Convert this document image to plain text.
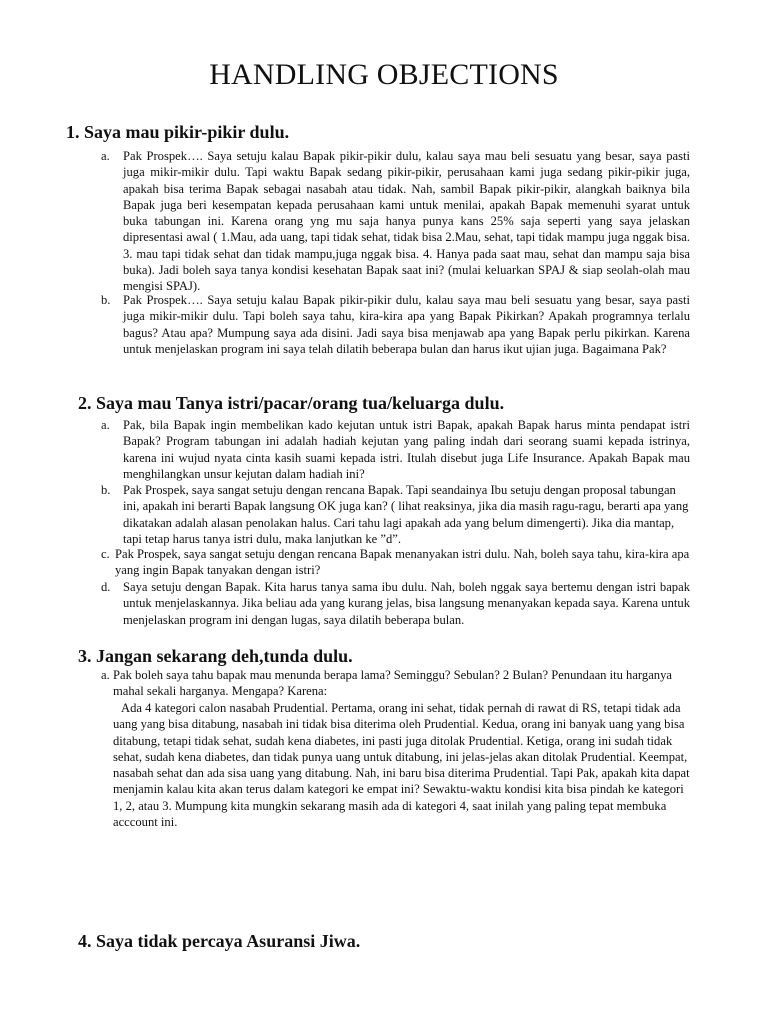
HANDLING OBJECTIONS
1. Saya mau pikir-pikir dulu.
a. Pak Prospek…. Saya setuju kalau Bapak pikir-pikir dulu, kalau saya mau beli sesuatu yang besar, saya pasti juga mikir-mikir dulu. Tapi waktu Bapak sedang pikir-pikir, perusahaan kami juga sedang pikir-pikir juga, apakah bisa terima Bapak sebagai nasabah atau tidak. Nah, sambil Bapak pikir-pikir, alangkah baiknya bila Bapak juga beri kesempatan kepada perusahaan kami untuk menilai, apakah Bapak memenuhi syarat untuk buka tabungan ini. Karena orang yng mu saja hanya punya kans 25% saja seperti yang saya jelaskan dipresentasi awal ( 1.Mau, ada uang, tapi tidak sehat, tidak bisa 2.Mau, sehat, tapi tidak mampu juga nggak bisa. 3. mau tapi tidak sehat dan tidak mampu,juga nggak bisa. 4. Hanya pada saat mau, sehat dan mampu saja bisa buka). Jadi boleh saya tanya kondisi kesehatan Bapak saat ini? (mulai keluarkan SPAJ & siap seolah-olah mau mengisi SPAJ).
b. Pak Prospek…. Saya setuju kalau Bapak pikir-pikir dulu, kalau saya mau beli sesuatu yang besar, saya pasti juga mikir-mikir dulu. Tapi boleh saya tahu, kira-kira apa yang Bapak Pikirkan? Apakah programnya terlalu bagus? Atau apa? Mumpung saya ada disini. Jadi saya bisa menjawab apa yang Bapak perlu pikirkan. Karena untuk menjelaskan program ini saya telah dilatih beberapa bulan dan harus ikut ujian juga. Bagaimana Pak?
2. Saya mau Tanya istri/pacar/orang tua/keluarga dulu.
a. Pak, bila Bapak ingin membelikan kado kejutan untuk istri Bapak, apakah Bapak harus minta pendapat istri Bapak? Program tabungan ini adalah hadiah kejutan yang paling indah dari seorang suami kepada istrinya, karena ini wujud nyata cinta kasih suami kepada istri. Itulah disebut juga Life Insurance. Apakah Bapak mau menghilangkan unsur kejutan dalam hadiah ini?
b. Pak Prospek, saya sangat setuju dengan rencana Bapak. Tapi seandainya Ibu setuju dengan proposal tabungan ini, apakah ini berarti Bapak langsung OK juga kan? ( lihat reaksinya, jika dia masih ragu-ragu, berarti apa yang dikatakan adalah alasan penolakan halus. Cari tahu lagi apakah ada yang belum dimengerti). Jika dia mantap, tapi tetap harus tanya istri dulu, maka lanjutkan ke ”d”.
c. Pak Prospek, saya sangat setuju dengan rencana Bapak menanyakan istri dulu. Nah, boleh saya tahu, kira-kira apa yang ingin Bapak tanyakan dengan istri?
d. Saya setuju dengan Bapak. Kita harus tanya sama ibu dulu. Nah, boleh nggak saya bertemu dengan istri bapak untuk menjelaskannya. Jika beliau ada yang kurang jelas, bisa langsung menanyakan kepada saya. Karena untuk menjelaskan program ini dengan lugas, saya dilatih beberapa bulan.
3. Jangan sekarang deh,tunda dulu.
a. Pak boleh saya tahu bapak mau menunda berapa lama? Seminggu? Sebulan? 2 Bulan? Penundaan itu harganya mahal sekali harganya. Mengapa? Karena:
Ada 4 kategori calon nasabah Prudential. Pertama, orang ini sehat, tidak pernah di rawat di RS, tetapi tidak ada uang yang bisa ditabung, nasabah ini tidak bisa diterima oleh Prudential. Kedua, orang ini banyak uang yang bisa ditabung, tetapi tidak sehat, sudah kena diabetes, ini pasti juga ditolak Prudential. Ketiga, orang ini sudah tidak sehat, sudah kena diabetes, dan tidak punya uang untuk ditabung, ini jelas-jelas akan ditolak Prudential. Keempat, nasabah sehat dan ada sisa uang yang ditabung. Nah, ini baru bisa diterima Prudential. Tapi Pak, apakah kita dapat menjamin kalau kita akan terus dalam kategori ke empat ini? Sewaktu-waktu kondisi kita bisa pindah ke kategori 1, 2, atau 3. Mumpung kita mungkin sekarang masih ada di kategori 4, saat inilah yang paling tepat membuka acccount ini.
4. Saya tidak percaya Asuransi Jiwa.
